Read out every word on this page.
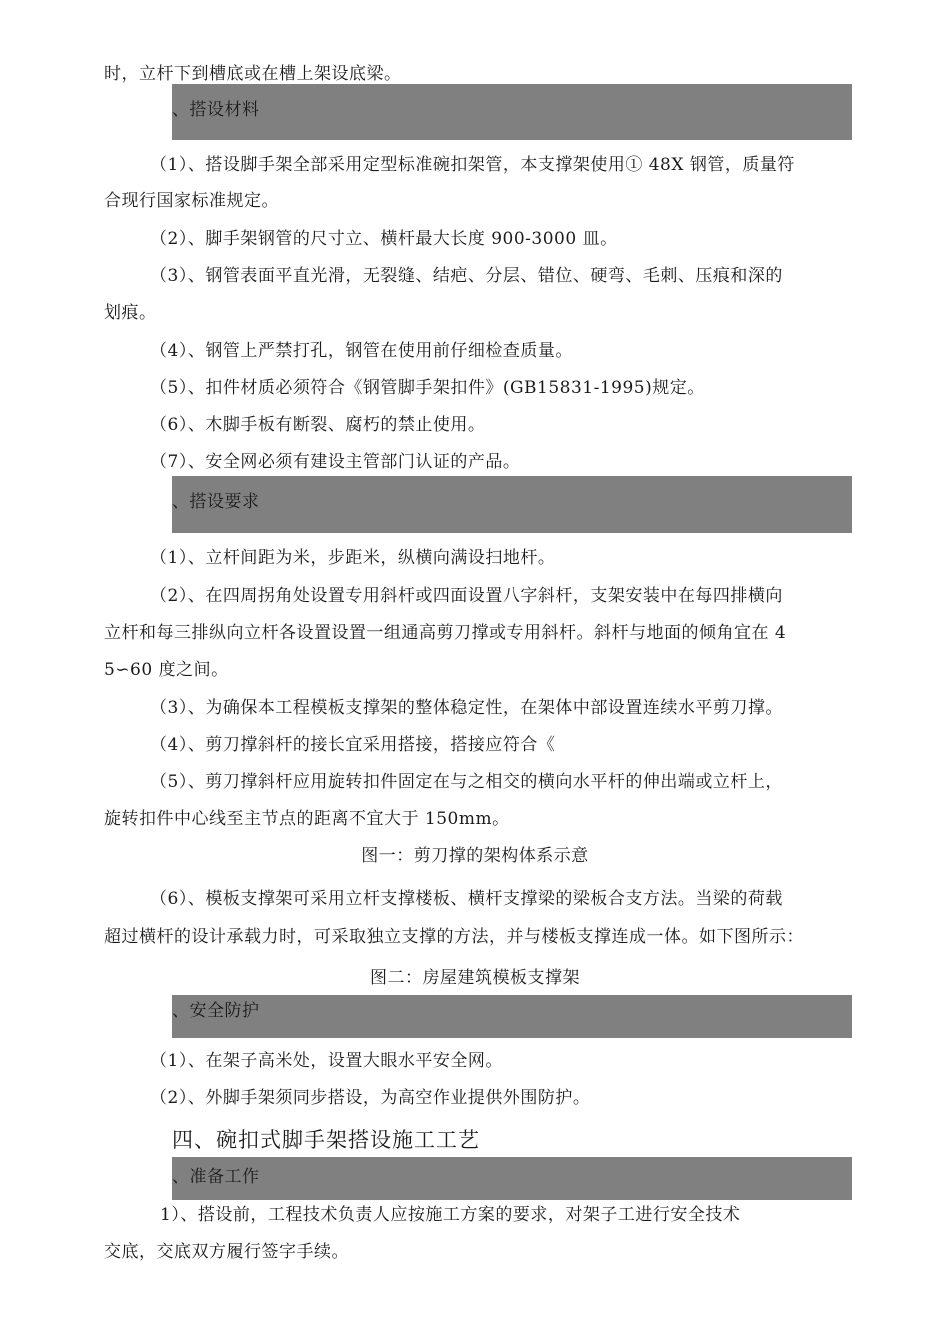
时，立杆下到槽底或在槽上架设底梁。
、搭设材料
（1）、搭设脚手架全部采用定型标准碗扣架管，本支撑架使用① 48X 钢管，质量符
合现行国家标准规定。
（2）、脚手架钢管的尺寸立、横杆最大长度 900-3000 皿。
（3）、钢管表面平直光滑，无裂缝、结疤、分层、错位、硬弯、毛刺、压痕和深的
划痕。
（4）、钢管上严禁打孔，钢管在使用前仔细检查质量。
（5）、扣件材质必须符合《钢管脚手架扣件》(GB15831-1995)规定。
（6）、木脚手板有断裂、腐朽的禁止使用。
（7）、安全网必须有建设主管部门认证的产品。
、搭设要求
（1）、立杆间距为米，步距米，纵横向满设扫地杆。
（2）、在四周拐角处设置专用斜杆或四面设置八字斜杆，支架安装中在每四排横向
立杆和每三排纵向立杆各设置设置一组通高剪刀撑或专用斜杆。斜杆与地面的倾角宜在 4
5∽60 度之间。
（3）、为确保本工程模板支撑架的整体稳定性，在架体中部设置连续水平剪刀撑。
（4）、剪刀撑斜杆的接长宜采用搭接，搭接应符合《
（5）、剪刀撑斜杆应用旋转扣件固定在与之相交的横向水平杆的伸出端或立杆上，
旋转扣件中心线至主节点的距离不宜大于 150mm。
图一：剪刀撑的架构体系示意
（6）、模板支撑架可采用立杆支撑楼板、横杆支撑梁的梁板合支方法。当梁的荷载
超过横杆的设计承载力时，可采取独立支撑的方法，并与楼板支撑连成一体。如下图所示：
图二：房屋建筑模板支撑架
、安全防护
（1）、在架子高米处，设置大眼水平安全网。
（2）、外脚手架须同步搭设，为高空作业提供外围防护。
四、碗扣式脚手架搭设施工工艺
、准备工作
1）、搭设前，工程技术负责人应按施工方案的要求，对架子工进行安全技术
交底，交底双方履行签字手续。
